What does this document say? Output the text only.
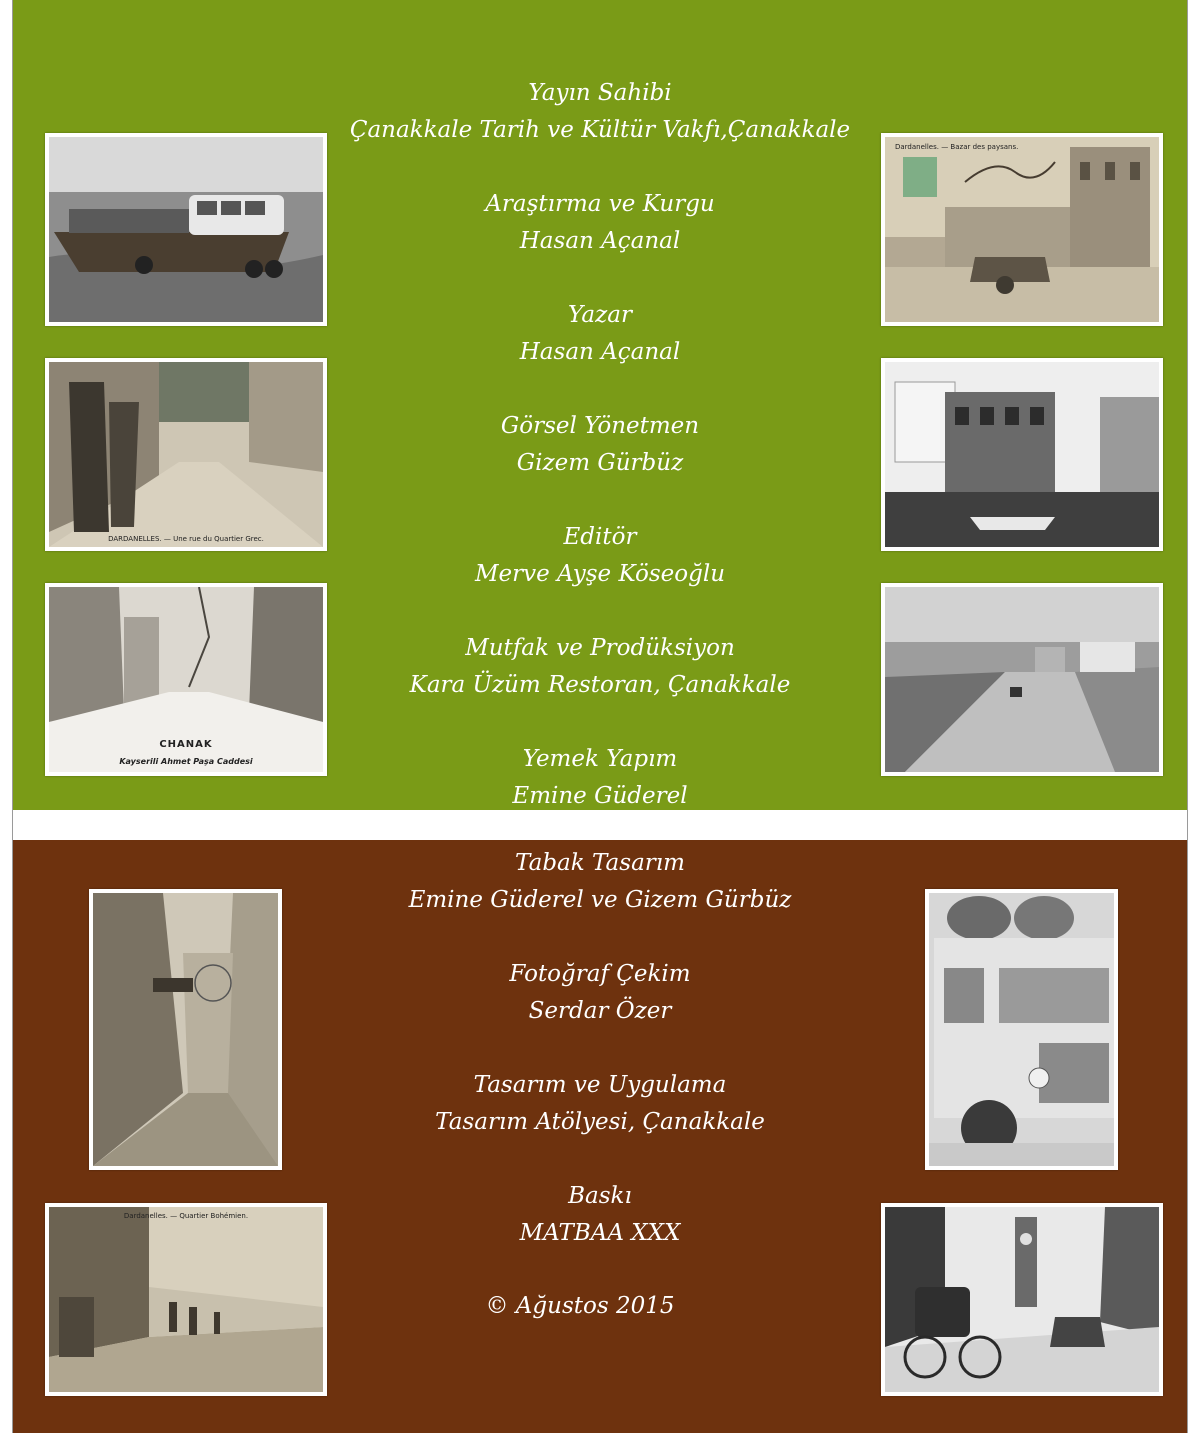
Yayın Sahibi
Çanakkale Tarih ve Kültür Vakfı,Çanakkale
Araştırma ve Kurgu
Hasan Açanal
Yazar
Hasan Açanal
Görsel Yönetmen
Gizem Gürbüz
Editör
Merve Ayşe Köseoğlu
Mutfak ve Prodüksiyon
Kara Üzüm Restoran, Çanakkale
Yemek Yapım
Emine Güderel
Tabak Tasarım
Emine Güderel ve Gizem Gürbüz
Fotoğraf Çekim
Serdar Özer
Tasarım ve Uygulama
Tasarım Atölyesi, Çanakkale
Baskı
MATBAA XXX
© Ağustos 2015
Dardanelles. — Bazar des paysans.
DARDANELLES. — Une rue du Quartier Grec.
CHANAK
Kayserili Ahmet Paşa Caddesi
Dardanelles. — Quartier Bohémien.
